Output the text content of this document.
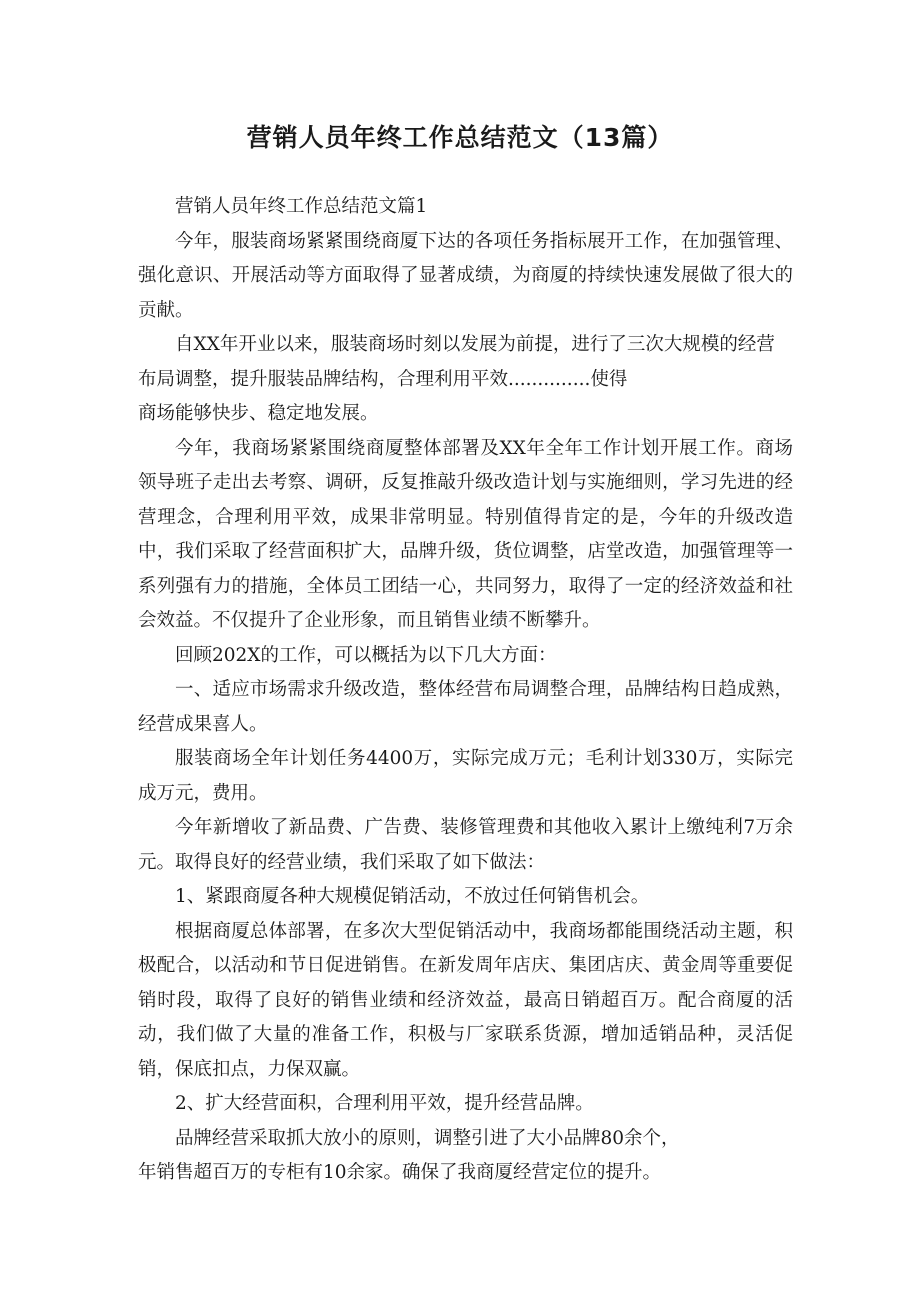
营销人员年终工作总结范文（13篇）

营销人员年终工作总结范文篇1

今年，服装商场紧紧围绕商厦下达的各项任务指标展开工作，在加强管理、强化意识、开展活动等方面取得了显著成绩，为商厦的持续快速发展做了很大的贡献。

自XX年开业以来，服装商场时刻以发展为前提，进行了三次大规模的经营布局调整，提升服装品牌结构，合理利用平效..............使得

商场能够快步、稳定地发展。

今年，我商场紧紧围绕商厦整体部署及XX年全年工作计划开展工作。商场领导班子走出去考察、调研，反复推敲升级改造计划与实施细则，学习先进的经营理念，合理利用平效，成果非常明显。特别值得肯定的是，今年的升级改造中，我们采取了经营面积扩大，品牌升级，货位调整，店堂改造，加强管理等一系列强有力的措施，全体员工团结一心，共同努力，取得了一定的经济效益和社会效益。不仅提升了企业形象，而且销售业绩不断攀升。

回顾202X的工作，可以概括为以下几大方面：

一、适应市场需求升级改造，整体经营布局调整合理，品牌结构日趋成熟，经营成果喜人。

服装商场全年计划任务4400万，实际完成万元；毛利计划330万，实际完成万元，费用。

今年新增收了新品费、广告费、装修管理费和其他收入累计上缴纯利7万余元。取得良好的经营业绩，我们采取了如下做法：

1、紧跟商厦各种大规模促销活动，不放过任何销售机会。

根据商厦总体部署，在多次大型促销活动中，我商场都能围绕活动主题，积极配合，以活动和节日促进销售。在新发周年店庆、集团店庆、黄金周等重要促销时段，取得了良好的销售业绩和经济效益，最高日销超百万。配合商厦的活动，我们做了大量的准备工作，积极与厂家联系货源，增加适销品种，灵活促销，保底扣点，力保双赢。

2、扩大经营面积，合理利用平效，提升经营品牌。

品牌经营采取抓大放小的原则，调整引进了大小品牌80余个，

年销售超百万的专柜有10余家。确保了我商厦经营定位的提升。
